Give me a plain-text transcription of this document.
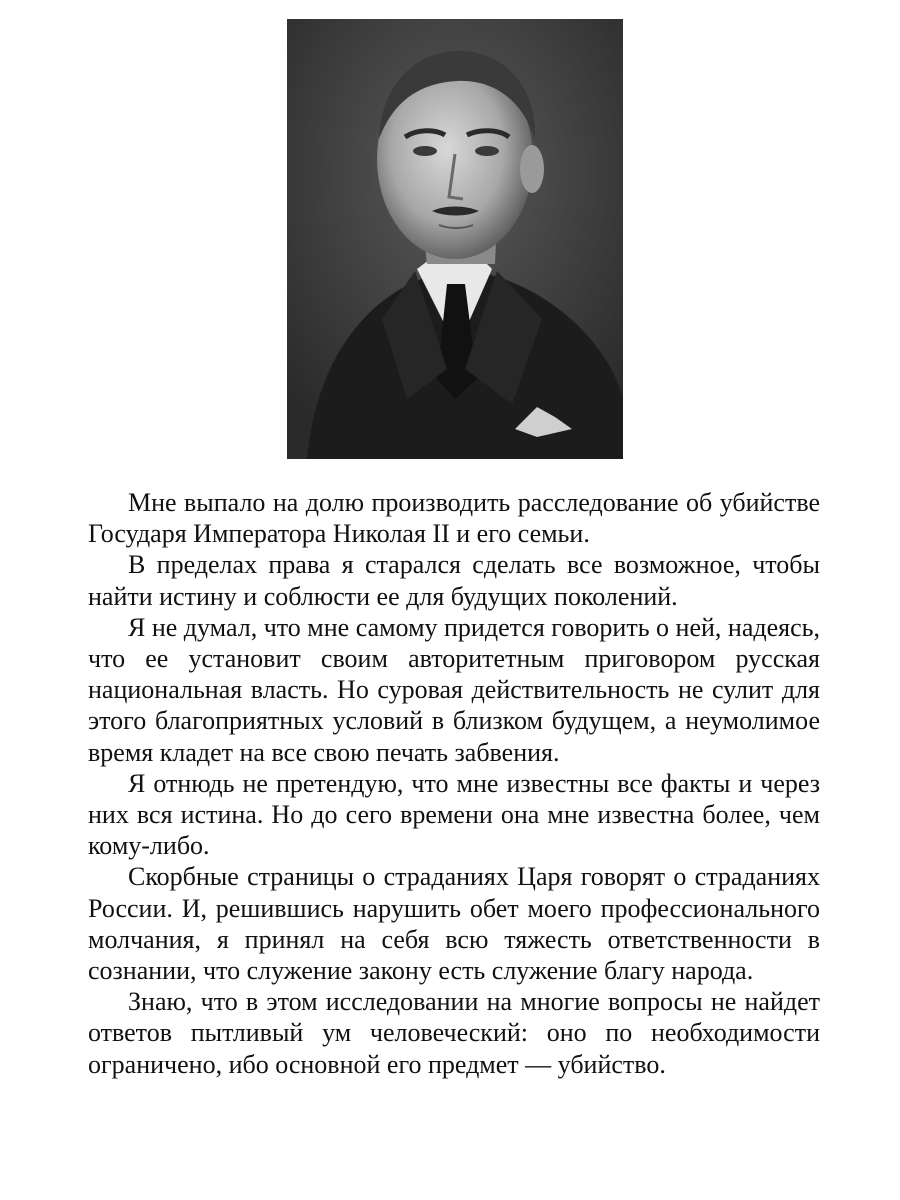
Мне выпало на долю производить расследование об убийстве Государя Императора Николая II и его семьи.

В пределах права я старался сделать все возможное, чтобы найти истину и соблюсти ее для будущих поколений.

Я не думал, что мне самому придется говорить о ней, надеясь, что ее установит своим авторитетным приговором русская национальная власть. Но суровая действительность не сулит для этого благоприятных условий в близком будущем, а неумолимое время кладет на все свою печать забвения.

Я отнюдь не претендую, что мне известны все факты и через них вся истина. Но до сего времени она мне известна более, чем кому-либо.

Скорбные страницы о страданиях Царя говорят о страданиях России. И, решившись нарушить обет моего профессионального молчания, я принял на себя всю тяжесть ответственности в сознании, что служение закону есть служение благу народа.

Знаю, что в этом исследовании на многие вопросы не найдет ответов пытливый ум человеческий: оно по необходимости ограничено, ибо основной его предмет — убийство.
